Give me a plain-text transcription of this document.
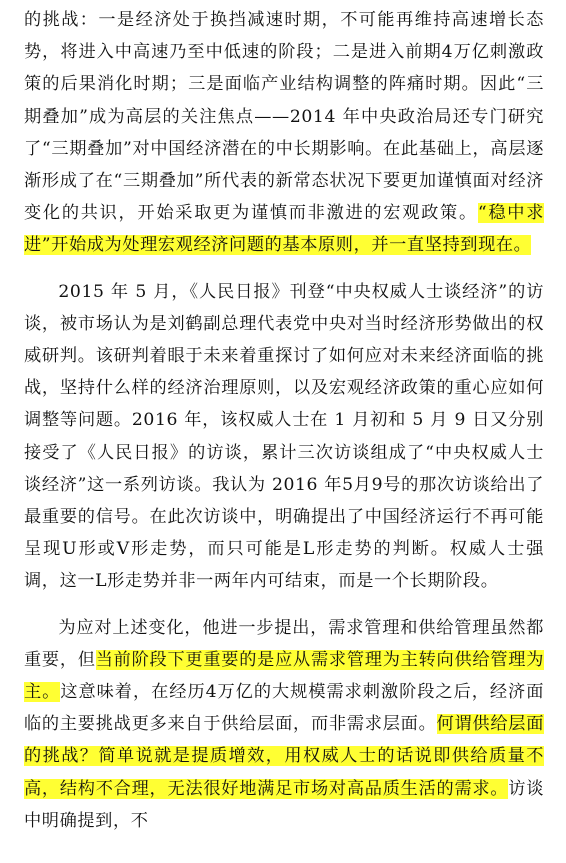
的挑战：一是经济处于换挡减速时期，不可能再维持高速增长态势，将进入中高速乃至中低速的阶段；二是进入前期4万亿刺激政策的后果消化时期；三是面临产业结构调整的阵痛时期。因此“三期叠加”成为高层的关注焦点——2014 年中央政治局还专门研究了“三期叠加”对中国经济潜在的中长期影响。在此基础上，高层逐渐形成了在“三期叠加”所代表的新常态状况下要更加谨慎面对经济变化的共识，开始采取更为谨慎而非激进的宏观政策。“稳中求进”开始成为处理宏观经济问题的基本原则，并一直坚持到现在。

2015 年 5 月，《人民日报》刊登“中央权威人士谈经济”的访谈，被市场认为是刘鹤副总理代表党中央对当时经济形势做出的权威研判。该研判着眼于未来着重探讨了如何应对未来经济面临的挑战，坚持什么样的经济治理原则，以及宏观经济政策的重心应如何调整等问题。2016 年，该权威人士在 1 月初和 5 月 9 日又分别接受了《人民日报》的访谈，累计三次访谈组成了“中央权威人士谈经济”这一系列访谈。我认为 2016 年5月9号的那次访谈给出了最重要的信号。在此次访谈中，明确提出了中国经济运行不再可能呈现U形或V形走势，而只可能是L形走势的判断。权威人士强调，这一L形走势并非一两年内可结束，而是一个长期阶段。

为应对上述变化，他进一步提出，需求管理和供给管理虽然都重要，但当前阶段下更重要的是应从需求管理为主转向供给管理为主。这意味着，在经历4万亿的大规模需求刺激阶段之后，经济面临的主要挑战更多来自于供给层面，而非需求层面。何谓供给层面的挑战？简单说就是提质增效，用权威人士的话说即供给质量不高，结构不合理，无法很好地满足市场对高品质生活的需求。访谈中明确提到，不
